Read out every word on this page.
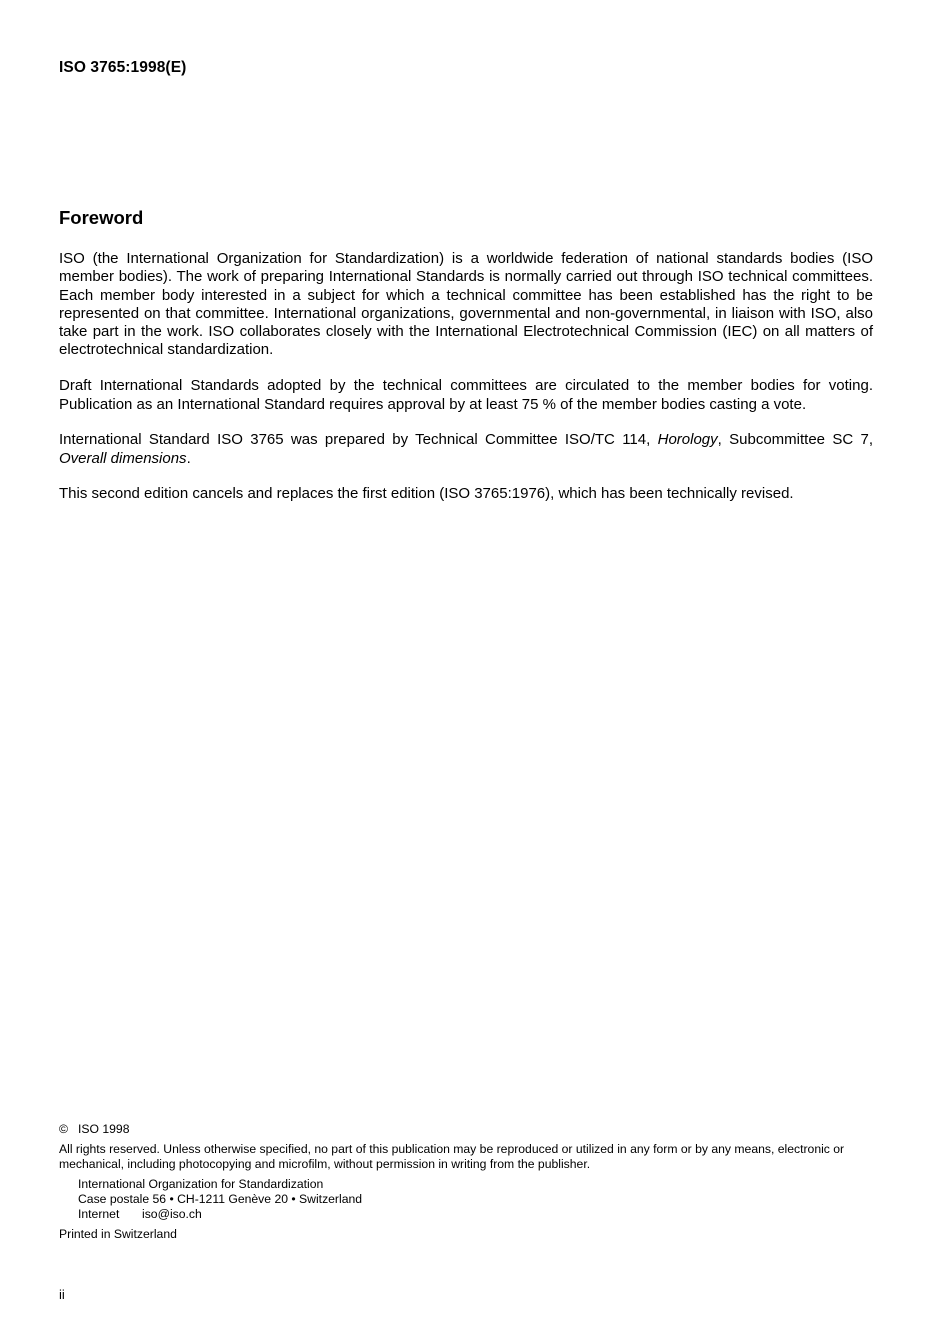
ISO 3765:1998(E)
Foreword

ISO (the International Organization for Standardization) is a worldwide federation of national standards bodies (ISO member bodies). The work of preparing International Standards is normally carried out through ISO technical committees. Each member body interested in a subject for which a technical committee has been established has the right to be represented on that committee. International organizations, governmental and non-governmental, in liaison with ISO, also take part in the work. ISO collaborates closely with the International Electrotechnical Commission (IEC) on all matters of electrotechnical standardization.

Draft International Standards adopted by the technical committees are circulated to the member bodies for voting. Publication as an International Standard requires approval by at least 75 % of the member bodies casting a vote.

International Standard ISO 3765 was prepared by Technical Committee ISO/TC 114, Horology, Subcommittee SC 7, Overall dimensions.

This second edition cancels and replaces the first edition (ISO 3765:1976), which has been technically revised.

© ISO 1998
All rights reserved. Unless otherwise specified, no part of this publication may be reproduced or utilized in any form or by any means, electronic or mechanical, including photocopying and microfilm, without permission in writing from the publisher.
International Organization for Standardization
Case postale 56 • CH-1211 Genève 20 • Switzerland
Internet iso@iso.ch
Printed in Switzerland
ii
